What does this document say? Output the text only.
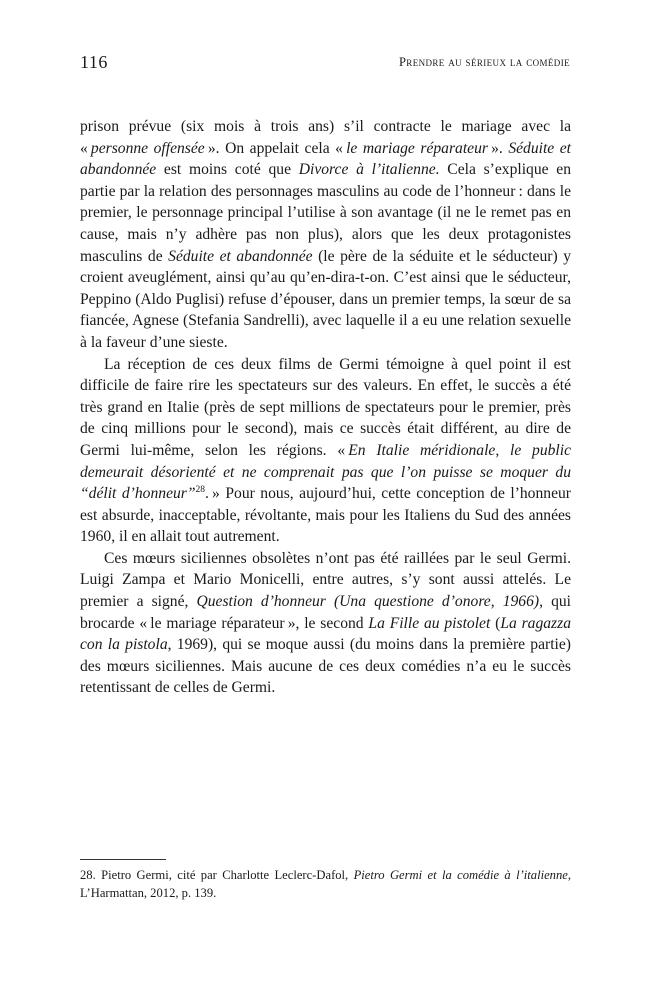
116	Prendre au sérieux la comédie

prison prévue (six mois à trois ans) s’il contracte le mariage avec la « personne offensée ». On appelait cela « le mariage réparateur ». Séduite et abandonnée est moins coté que Divorce à l’italienne. Cela s’explique en partie par la relation des personnages masculins au code de l’honneur : dans le premier, le personnage principal l’utilise à son avantage (il ne le remet pas en cause, mais n’y adhère pas non plus), alors que les deux protagonistes masculins de Séduite et abandonnée (le père de la séduite et le séducteur) y croient aveuglément, ainsi qu’au qu’en-dira-t-on. C’est ainsi que le séducteur, Peppino (Aldo Puglisi) refuse d’épouser, dans un premier temps, la sœur de sa fiancée, Agnese (Stefania Sandrelli), avec laquelle il a eu une relation sexuelle à la faveur d’une sieste.

La réception de ces deux films de Germi témoigne à quel point il est difficile de faire rire les spectateurs sur des valeurs. En effet, le succès a été très grand en Italie (près de sept millions de spectateurs pour le premier, près de cinq millions pour le second), mais ce succès était différent, au dire de Germi lui-même, selon les régions. « En Italie méridionale, le public demeurait désorienté et ne comprenait pas que l’on puisse se moquer du “délit d’honneur”$^{28}$. » Pour nous, aujourd’hui, cette conception de l’honneur est absurde, inacceptable, révoltante, mais pour les Italiens du Sud des années 1960, il en allait tout autrement.

Ces mœurs siciliennes obsolètes n’ont pas été raillées par le seul Germi. Luigi Zampa et Mario Monicelli, entre autres, s’y sont aussi attelés. Le premier a signé, Question d’honneur (Una questione d’onore, 1966), qui brocarde « le mariage réparateur », le second La Fille au pistolet (La ragazza con la pistola, 1969), qui se moque aussi (du moins dans la première partie) des mœurs siciliennes. Mais aucune de ces deux comédies n’a eu le succès retentissant de celles de Germi.

28. Pietro Germi, cité par Charlotte Leclerc-Dafol, Pietro Germi et la comédie à l’italienne, L’Harmattan, 2012, p. 139.
